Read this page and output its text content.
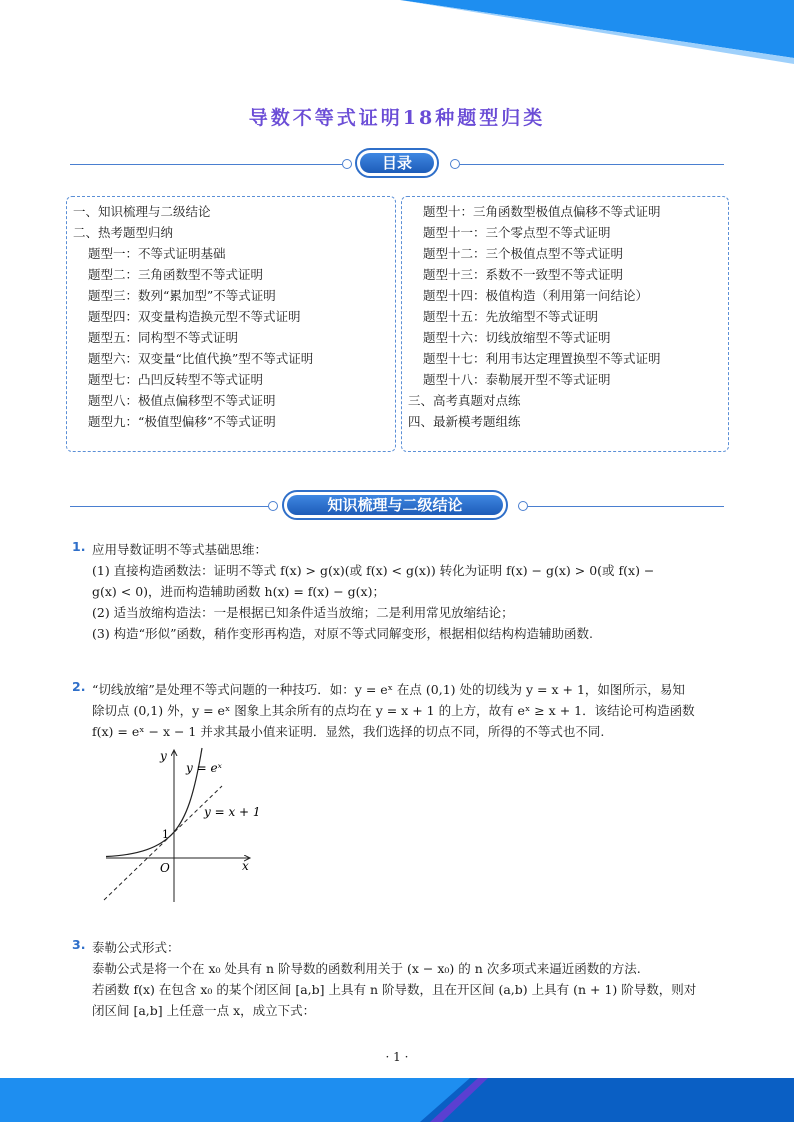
导数不等式证明18种题型归类
目录
一、知识梳理与二级结论
二、热考题型归纳
题型一：不等式证明基础
题型二：三角函数型不等式证明
题型三：数列“累加型”不等式证明
题型四：双变量构造换元型不等式证明
题型五：同构型不等式证明
题型六：双变量“比值代换”型不等式证明
题型七：凸凹反转型不等式证明
题型八：极值点偏移型不等式证明
题型九：“极值型偏移”不等式证明
题型十：三角函数型极值点偏移不等式证明
题型十一：三个零点型不等式证明
题型十二：三个极值点型不等式证明
题型十三：系数不一致型不等式证明
题型十四：极值构造（利用第一问结论）
题型十五：先放缩型不等式证明
题型十六：切线放缩型不等式证明
题型十七：利用韦达定理置换型不等式证明
题型十八：泰勒展开型不等式证明
三、高考真题对点练
四、最新模考题组练
知识梳理与二级结论
1. 应用导数证明不等式基础思维：
(1) 直接构造函数法：证明不等式 f(x) > g(x)(或 f(x) < g(x)) 转化为证明 f(x) − g(x) > 0(或 f(x) −
g(x) < 0)，进而构造辅助函数 h(x) = f(x) − g(x)；
(2) 适当放缩构造法：一是根据已知条件适当放缩；二是利用常见放缩结论；
(3) 构造“形似”函数，稍作变形再构造，对原不等式同解变形，根据相似结构构造辅助函数.
2. “切线放缩”是处理不等式问题的一种技巧．如：y = eˣ 在点 (0,1) 处的切线为 y = x + 1，如图所示，易知
除切点 (0,1) 外，y = eˣ 图象上其余所有的点均在 y = x + 1 的上方，故有 eˣ ≥ x + 1．该结论可构造函数
f(x) = eˣ − x − 1 并求其最小值来证明．显然，我们选择的切点不同，所得的不等式也不同.
y
x
O
1
y = eˣ
y = x + 1
3. 泰勒公式形式：
泰勒公式是将一个在 x₀ 处具有 n 阶导数的函数利用关于 (x − x₀) 的 n 次多项式来逼近函数的方法.
若函数 f(x) 在包含 x₀ 的某个闭区间 [a,b] 上具有 n 阶导数，且在开区间 (a,b) 上具有 (n + 1) 阶导数，则对
闭区间 [a,b] 上任意一点 x，成立下式：
· 1 ·
